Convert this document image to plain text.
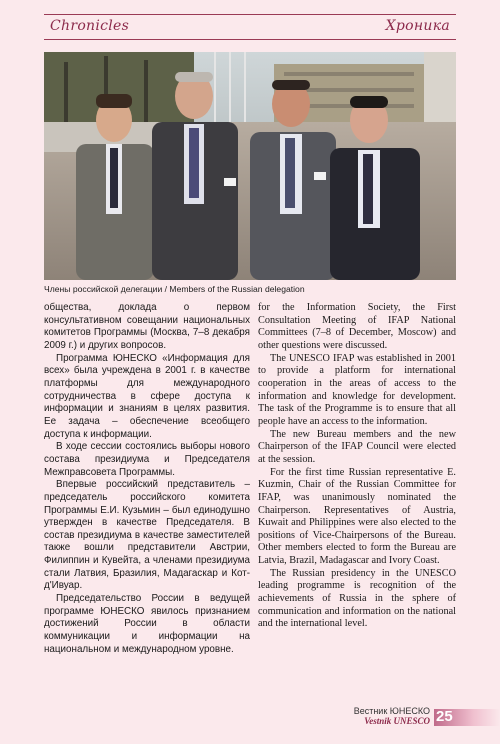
Chronicles	Хроника
Члены российской делегации / Members of the Russian delegation

общества, доклада о первом консультативном совещании национальных комитетов Программы (Москва, 7–8 декабря 2009 г.) и других вопросов.

Программа ЮНЕСКО «Информация для всех» была учреждена в 2001 г. в качестве платформы для международного сотрудничества в сфере доступа к информации и знаниям в целях развития. Ее задача – обеспечение всеобщего доступа к информации.

В ходе сессии состоялись выборы нового состава президиума и Председателя Межправсовета Программы.

Впервые российский представитель – председатель российского комитета Программы Е.И. Кузьмин – был единодушно утвержден в качестве Председателя. В состав президиума в качестве заместителей также вошли представители Австрии, Филиппин и Кувейта, а членами президиума стали Латвия, Бразилия, Мадагаскар и Кот-д'Ивуар.

Председательство России в ведущей программе ЮНЕСКО явилось признанием достижений России в области коммуникации и информации на национальном и международном уровне.

for the Information Society, the First Consultation Meeting of IFAP National Committees (7–8 of December, Moscow) and other questions were discussed.

The UNESCO IFAP was established in 2001 to provide a platform for international cooperation in the areas of access to the information and knowledge for development. The task of the Programme is to ensure that all people have an access to the information.

The new Bureau members and the new Chairperson of the IFAP Council were elected at the session.

For the first time Russian representative E. Kuzmin, Chair of the Russian Committee for IFAP, was unanimously nominated the Chairperson. Representatives of Austria, Kuwait and Philippines were also elected to the positions of Vice-Chairpersons of the Bureau. Other members elected to form the Bureau are Latvia, Brazil, Madagascar and Ivory Coast.

The Russian presidency in the UNESCO leading programme is recognition of the achievements of Russia in the sphere of communication and information on the national and the international level.

Вестник ЮНЕСКО
Vestnik UNESCO 25
